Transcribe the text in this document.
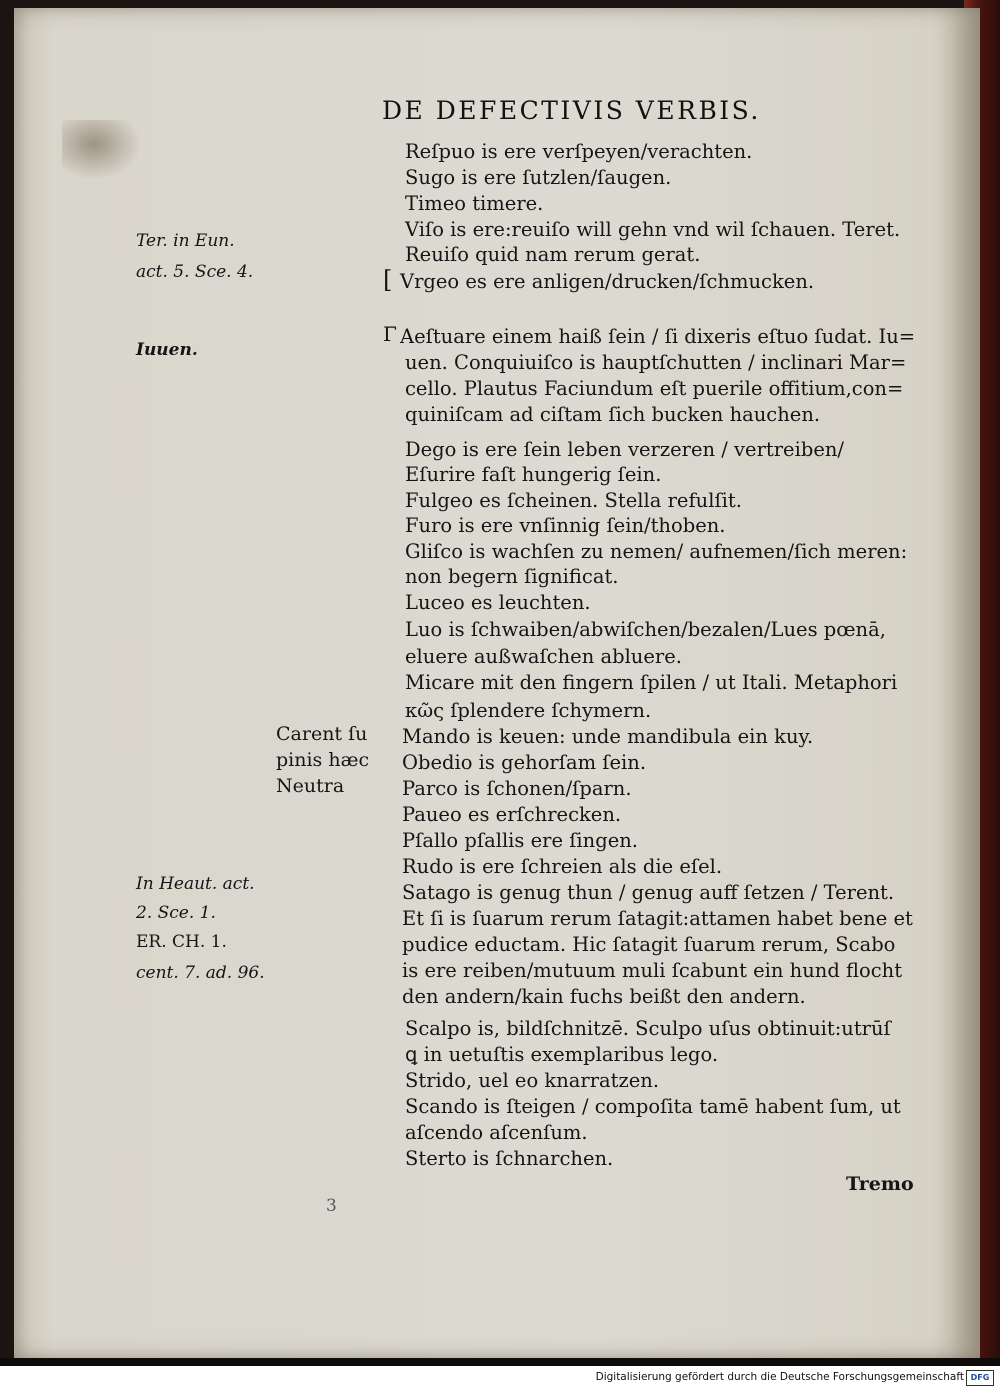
DE DEFECTIVIS VERBIS.
Ter. in Eun.
act. 5. Sce. 4.
Iuuen.
In Heaut. act.
2. Sce. 1.
ER. CH. 1.
cent. 7. ad. 96.
Carent ſu
pinis hæc
Neutra
[
Γ
Reſpuo is ere verſpeyen/verachten.
Sugo is ere ſutzlen/ſaugen.
Timeo timere.
Viſo is ere:reuiſo will gehn vnd wil ſchauen. Teret.
Reuiſo quid nam rerum gerat.
Vrgeo es ere anligen/drucken/ſchmucken.
Aeſtuare einem haiß ſein / ſi dixeris eſtuo ſudat. Iu=
uen. Conquiuiſco is hauptſchutten / inclinari Mar=
cello. Plautus Faciundum eſt puerile offitium,con=
quiniſcam ad ciſtam ſich bucken hauchen.
Dego is ere ſein leben verzeren / vertreiben/
Eſurire faſt hungerig ſein.
Fulgeo es ſcheinen. Stella refulſit.
Furo is ere vnſinnig ſein/thoben.
Gliſco is wachſen zu nemen/ aufnemen/ſich meren:
non begern ſignificat.
Luceo es leuchten.
Luo is ſchwaiben/abwiſchen/bezalen/Lues pœnā,
eluere außwaſchen abluere.
Micare mit den fingern ſpilen / ut Itali. Metaphori
κῶς ſplendere ſchymern.
Mando is keuen: unde mandibula ein kuy.
Obedio is gehorſam ſein.
Parco is ſchonen/ſparn.
Paueo es erſchrecken.
Pſallo pſallis ere ſingen.
Rudo is ere ſchreien als die eſel.
Satago is genug thun / genug auff ſetzen / Terent.
Et ſi is ſuarum rerum ſatagit:attamen habet bene et
pudice eductam. Hic ſatagit ſuarum rerum, Scabo
is ere reiben/mutuum muli ſcabunt ein hund flocht
den andern/kain fuchs beißt den andern.
Scalpo is, bildſchnitzē. Sculpo uſus obtinuit:utrūſ
ꝗ in uetuſtis exemplaribus lego.
Strido, uel eo knarratzen.
Scando is ſteigen / compoſita tamē habent ſum, ut
aſcendo aſcenſum.
Sterto is ſchnarchen.
Tremo
3
Digitalisierung gefördert durch die Deutsche Forschungsgemeinschaft DFG
